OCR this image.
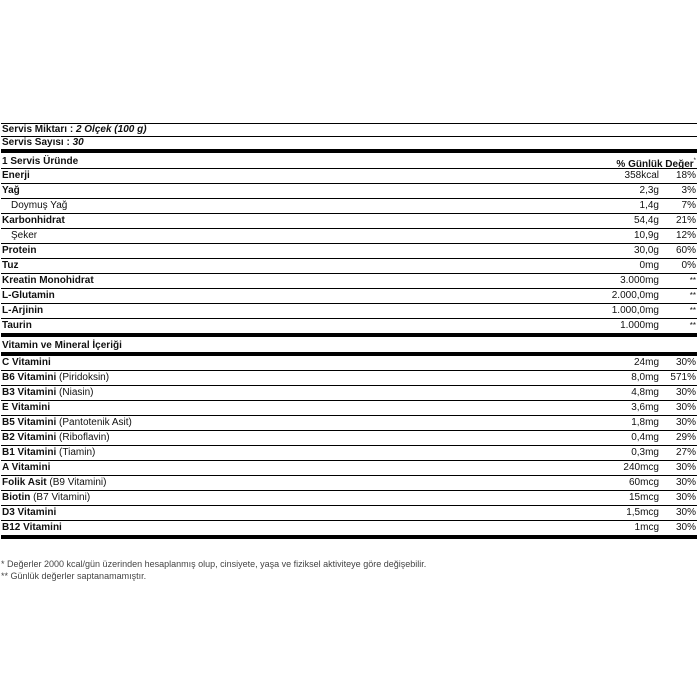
Servis Miktarı : 2 Ölçek (100 g)
Servis Sayısı : 30
1 Servis Üründe	% Günlük Değer*
Enerji	358kcal 18%
Yağ	2,3g 3%
Doymuş Yağ	1,4g 7%
Karbonhidrat	54,4g 21%
Şeker	10,9g 12%
Protein	30,0g 60%
Tuz	0mg 0%
Kreatin Monohidrat	3.000mg	**
L-Glutamin	2.000,0mg	**
L-Arjinin	1.000,0mg	**
Taurin	1.000mg	**
Vitamin ve Mineral İçeriği
C Vitamini	24mg 30%
B6 Vitamini (Piridoksin)	8,0mg 571%
B3 Vitamini (Niasin)	4,8mg 30%
E Vitamini	3,6mg 30%
B5 Vitamini (Pantotenik Asit)	1,8mg 30%
B2 Vitamini (Riboflavin)	0,4mg 29%
B1 Vitamini (Tiamin)	0,3mg 27%
A Vitamini	240mcg 30%
Folik Asit (B9 Vitamini)	60mcg 30%
Biotin (B7 Vitamini)	15mcg 30%
D3 Vitamini	1,5mcg 30%
B12 Vitamini	1mcg 30%
* Değerler 2000 kcal/gün üzerinden hesaplanmış olup, cinsiyete, yaşa ve fiziksel aktiviteye göre değişebilir.
** Günlük değerler saptanamamıştır.
